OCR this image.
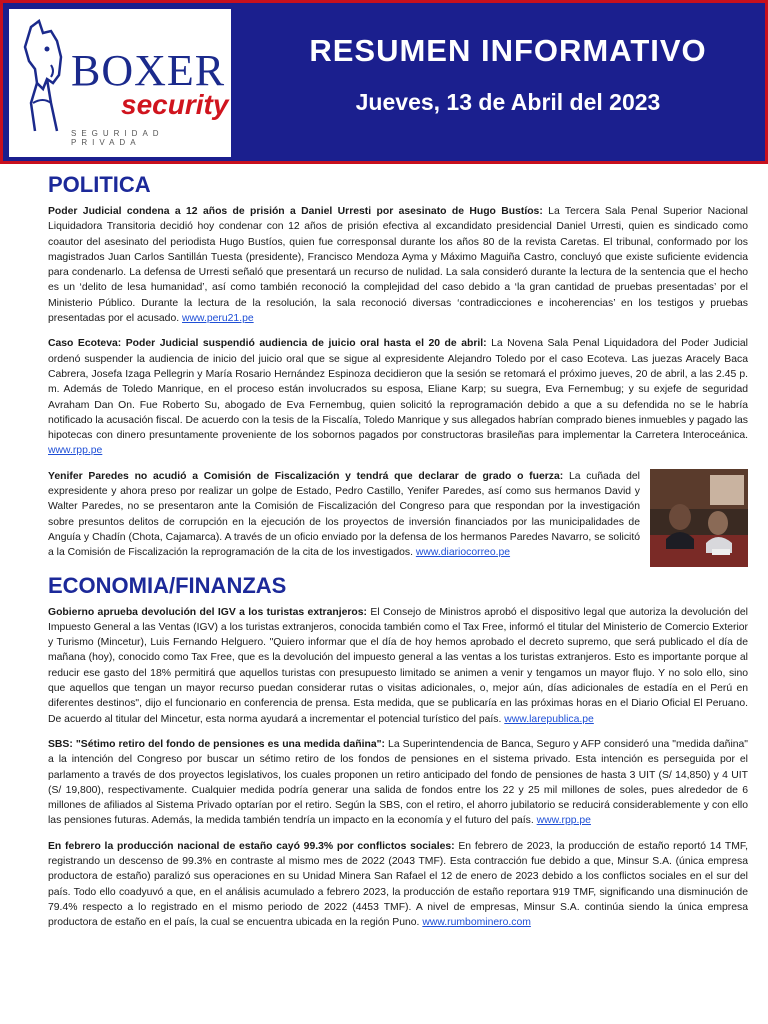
BOXER
security
SEGURIDAD PRIVADA
RESUMEN INFORMATIVO
Jueves, 13 de Abril del 2023
POLITICA
Poder Judicial condena a 12 años de prisión a Daniel Urresti por asesinato de Hugo Bustíos: La Tercera Sala Penal Superior Nacional Liquidadora Transitoria decidió hoy condenar con 12 años de prisión efectiva al excandidato presidencial Daniel Urresti, quien es sindicado como coautor del asesinato del periodista Hugo Bustíos, quien fue corresponsal durante los años 80 de la revista Caretas. El tribunal, conformado por los magistrados Juan Carlos Santillán Tuesta (presidente), Francisco Mendoza Ayma y Máximo Maguiña Castro, concluyó que existe suficiente evidencia para condenarlo. La defensa de Urresti señaló que presentará un recurso de nulidad. La sala consideró durante la lectura de la sentencia que el hecho es un ‘delito de lesa humanidad’, así como también reconoció la complejidad del caso debido a ‘la gran cantidad de pruebas presentadas’ por el Ministerio Público. Durante la lectura de la resolución, la sala reconoció diversas ‘contradicciones e incoherencias’ en los testigos y pruebas presentadas por el acusado. www.peru21.pe
Caso Ecoteva: Poder Judicial suspendió audiencia de juicio oral hasta el 20 de abril: La Novena Sala Penal Liquidadora del Poder Judicial ordenó suspender la audiencia de inicio del juicio oral que se sigue al expresidente Alejandro Toledo por el caso Ecoteva. Las juezas Aracely Baca Cabrera, Josefa Izaga Pellegrin y María Rosario Hernández Espinoza decidieron que la sesión se retomará el próximo jueves, 20 de abril, a las 2.45 p. m. Además de Toledo Manrique, en el proceso están involucrados su esposa, Eliane Karp; su suegra, Eva Fernembug; y su exjefe de seguridad Avraham Dan On. Fue Roberto Su, abogado de Eva Fernembug, quien solicitó la reprogramación debido a que a su defendida no se le habría notificado la acusación fiscal. De acuerdo con la tesis de la Fiscalía, Toledo Manrique y sus allegados habrían comprado bienes inmuebles y pagado las hipotecas con dinero presuntamente proveniente de los sobornos pagados por constructoras brasileñas para implementar la Carretera Interoceánica. www.rpp.pe
Yenifer Paredes no acudió a Comisión de Fiscalización y tendrá que declarar de grado o fuerza: La cuñada del expresidente y ahora preso por realizar un golpe de Estado, Pedro Castillo, Yenifer Paredes, así como sus hermanos David y Walter Paredes, no se presentaron ante la Comisión de Fiscalización del Congreso para que respondan por la investigación sobre presuntos delitos de corrupción en la ejecución de los proyectos de inversión financiados por las municipalidades de Anguía y Chadín (Chota, Cajamarca). A través de un oficio enviado por la defensa de los hermanos Paredes Navarro, se solicitó a la Comisión de Fiscalización la reprogramación de la cita de los investigados. www.diariocorreo.pe
ECONOMIA/FINANZAS
Gobierno aprueba devolución del IGV a los turistas extranjeros: El Consejo de Ministros aprobó el dispositivo legal que autoriza la devolución del Impuesto General a las Ventas (IGV) a los turistas extranjeros, conocida también como el Tax Free, informó el titular del Ministerio de Comercio Exterior y Turismo (Mincetur), Luis Fernando Helguero. "Quiero informar que el día de hoy hemos aprobado el decreto supremo, que será publicado el día de mañana (hoy), conocido como Tax Free, que es la devolución del impuesto general a las ventas a los turistas extranjeros. Esto es importante porque al reducir ese gasto del 18% permitirá que aquellos turistas con presupuesto limitado se animen a venir y tengamos un mayor flujo. Y no solo ello, sino que aquellos que tengan un mayor recurso puedan considerar rutas o visitas adicionales, o, mejor aún, días adicionales de estadía en el Perú en diferentes destinos", dijo el funcionario en conferencia de prensa. Esta medida, que se publicaría en las próximas horas en el Diario Oficial El Peruano. De acuerdo al titular del Mincetur, esta norma ayudará a incrementar el potencial turístico del país. www.larepublica.pe
SBS: "Sétimo retiro del fondo de pensiones es una medida dañina": La Superintendencia de Banca, Seguro y AFP consideró una "medida dañina" a la intención del Congreso por buscar un sétimo retiro de los fondos de pensiones en el sistema privado. Esta intención es perseguida por el parlamento a través de dos proyectos legislativos, los cuales proponen un retiro anticipado del fondo de pensiones de hasta 3 UIT (S/ 14,850) y 4 UIT (S/ 19,800), respectivamente. Cualquier medida podría generar una salida de fondos entre los 22 y 25 mil millones de soles, pues alrededor de 6 millones de afiliados al Sistema Privado optarían por el retiro. Según la SBS, con el retiro, el ahorro jubilatorio se reducirá considerablemente y con ello las pensiones futuras. Además, la medida también tendría un impacto en la economía y el futuro del país. www.rpp.pe
En febrero la producción nacional de estaño cayó 99.3% por conflictos sociales: En febrero de 2023, la producción de estaño reportó 14 TMF, registrando un descenso de 99.3% en contraste al mismo mes de 2022 (2043 TMF). Esta contracción fue debido a que, Minsur S.A. (única empresa productora de estaño) paralizó sus operaciones en su Unidad Minera San Rafael el 12 de enero de 2023 debido a los conflictos sociales en el sur del país. Todo ello coadyuvó a que, en el análisis acumulado a febrero 2023, la producción de estaño reportara 919 TMF, significando una disminución de 79.4% respecto a lo registrado en el mismo periodo de 2022 (4453 TMF). A nivel de empresas, Minsur S.A. continúa siendo la única empresa productora de estaño en el país, la cual se encuentra ubicada en la región Puno. www.rumbominero.com
